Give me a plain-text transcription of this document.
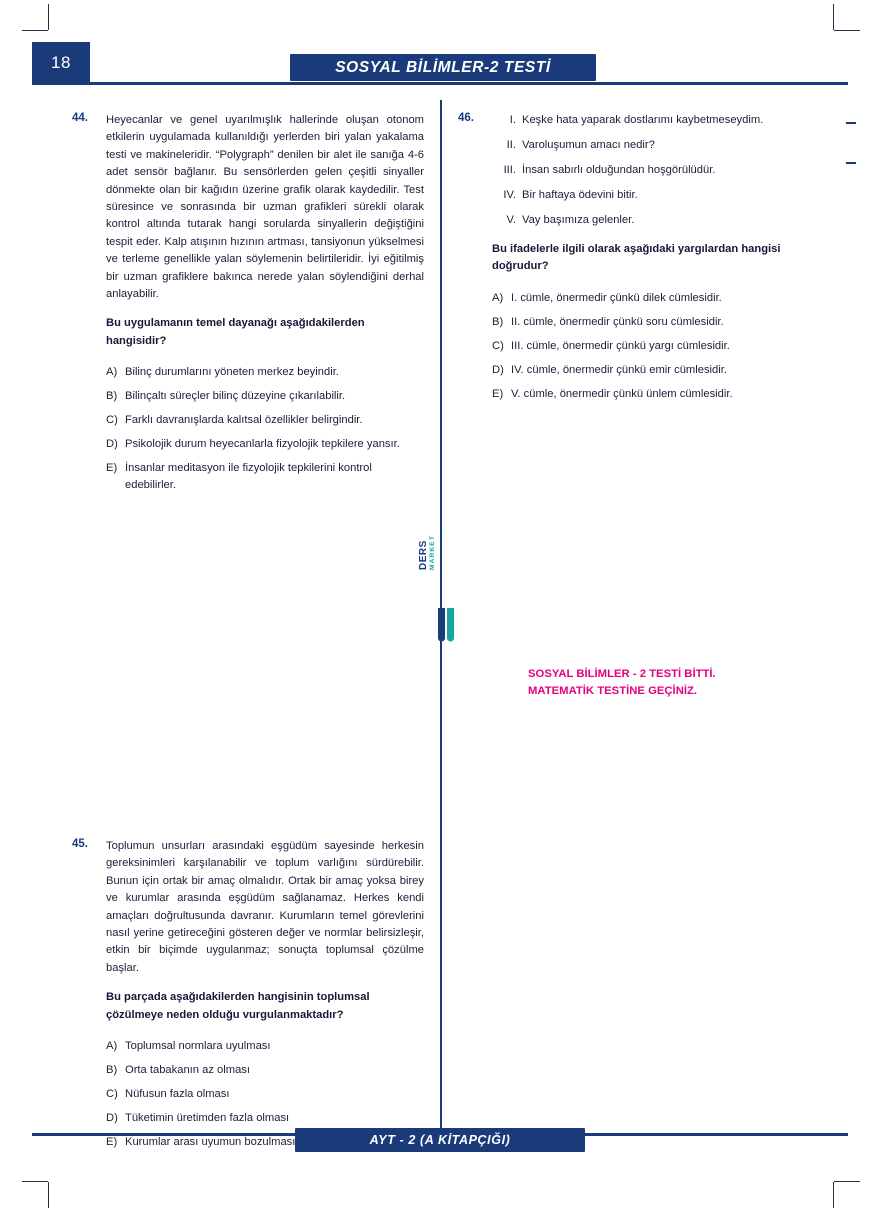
18	SOSYAL BİLİMLER-2 TESTİ
44.	Heyecanlar ve genel uyarılmışlık hallerinde oluşan otonom etkilerin uygulamada kullanıldığı yerlerden biri yalan yakalama testi ve makineleridir. “Polygraph” denilen bir alet ile sanığa 4-6 adet sensör bağlanır. Bu sensörlerden gelen çeşitli sinyaller dönmekte olan bir kağıdın üzerine grafik olarak kaydedilir. Test süresince ve sonrasında bir uzman grafikleri sürekli olarak kontrol altında tutarak hangi sorularda sinyallerin değiştiğini tespit eder. Kalp atışının hızının artması, tansiyonun yükselmesi ve terleme genellikle yalan söylemenin belirtileridir. İyi eğitilmiş bir uzman grafiklere bakınca nerede yalan söylendiğini derhal anlayabilir.

Bu uygulamanın temel dayanağı aşağıdakilerden hangisidir?

A) Bilinç durumlarını yöneten merkez beyindir.
B) Bilinçaltı süreçler bilinç düzeyine çıkarılabilir.
C) Farklı davranışlarda kalıtsal özellikler belirgindir.
D) Psikolojik durum heyecanlarla fizyolojik tepkilere yansır.
E) İnsanlar meditasyon ile fizyolojik tepkilerini kontrol edebilirler.
45.	Toplumun unsurları arasındaki eşgüdüm sayesinde herkesin gereksinimleri karşılanabilir ve toplum varlığını sürdürebilir. Bunun için ortak bir amaç olmalıdır. Ortak bir amaç yoksa birey ve kurumlar arasında eşgüdüm sağlanamaz. Herkes kendi amaçları doğrultusunda davranır. Kurumların temel görevlerini nasıl yerine getireceğini gösteren değer ve normlar belirsizleşir, etkin bir biçimde uygulanmaz; sonuçta toplumsal çözülme başlar.

Bu parçada aşağıdakilerden hangisinin toplumsal çözülmeye neden olduğu vurgulanmaktadır?

A) Toplumsal normlara uyulması
B) Orta tabakanın az olması
C) Nüfusun fazla olması
D) Tüketimin üretimden fazla olması
E) Kurumlar arası uyumun bozulması
46.	I. Keşke hata yaparak dostlarımı kaybetmeseydim.
II. Varoluşumun amacı nedir?
III. İnsan sabırlı olduğundan hoşgörülüdür.
IV. Bir haftaya ödevini bitir.
V. Vay başımıza gelenler.

Bu ifadelerle ilgili olarak aşağıdaki yargılardan hangisi doğrudur?

A) I. cümle, önermedir çünkü dilek cümlesidir.
B) II. cümle, önermedir çünkü soru cümlesidir.
C) III. cümle, önermedir çünkü yargı cümlesidir.
D) IV. cümle, önermedir çünkü emir cümlesidir.
E) V. cümle, önermedir çünkü ünlem cümlesidir.
DERS MARKET
SOSYAL BİLİMLER - 2 TESTİ BİTTİ.
MATEMATİK TESTİNE GEÇİNİZ.
AYT - 2 (A KİTAPÇIĞI)
